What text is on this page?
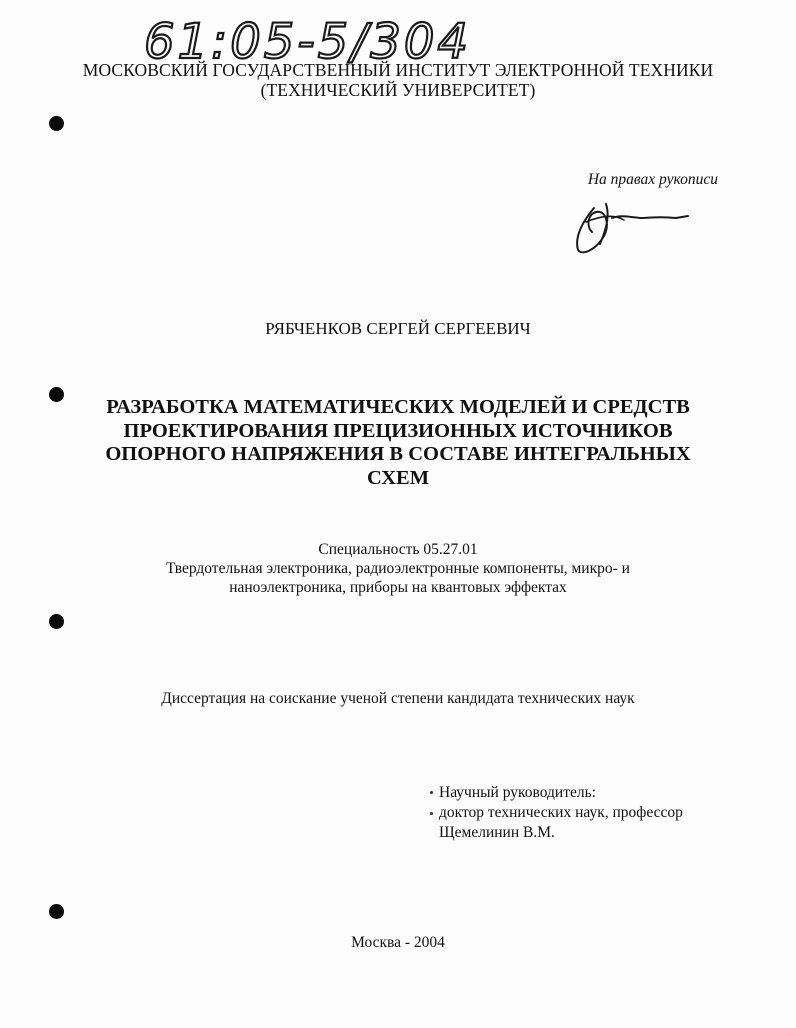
61:05-5/304
МОСКОВСКИЙ ГОСУДАРСТВЕННЫЙ ИНСТИТУТ ЭЛЕКТРОННОЙ ТЕХНИКИ
(ТЕХНИЧЕСКИЙ УНИВЕРСИТЕТ)
На правах рукописи
РЯБЧЕНКОВ СЕРГЕЙ СЕРГЕЕВИЧ
РАЗРАБОТКА МАТЕМАТИЧЕСКИХ МОДЕЛЕЙ И СРЕДСТВ
ПРОЕКТИРОВАНИЯ ПРЕЦИЗИОННЫХ ИСТОЧНИКОВ
ОПОРНОГО НАПРЯЖЕНИЯ В СОСТАВЕ ИНТЕГРАЛЬНЫХ
СХЕМ
Специальность 05.27.01
Твердотельная электроника, радиоэлектронные компоненты, микро- и
наноэлектроника, приборы на квантовых эффектах
Диссертация на соискание ученой степени кандидата технических наук
Научный руководитель:
доктор технических наук, профессор
Щемелинин В.М.
Москва - 2004
